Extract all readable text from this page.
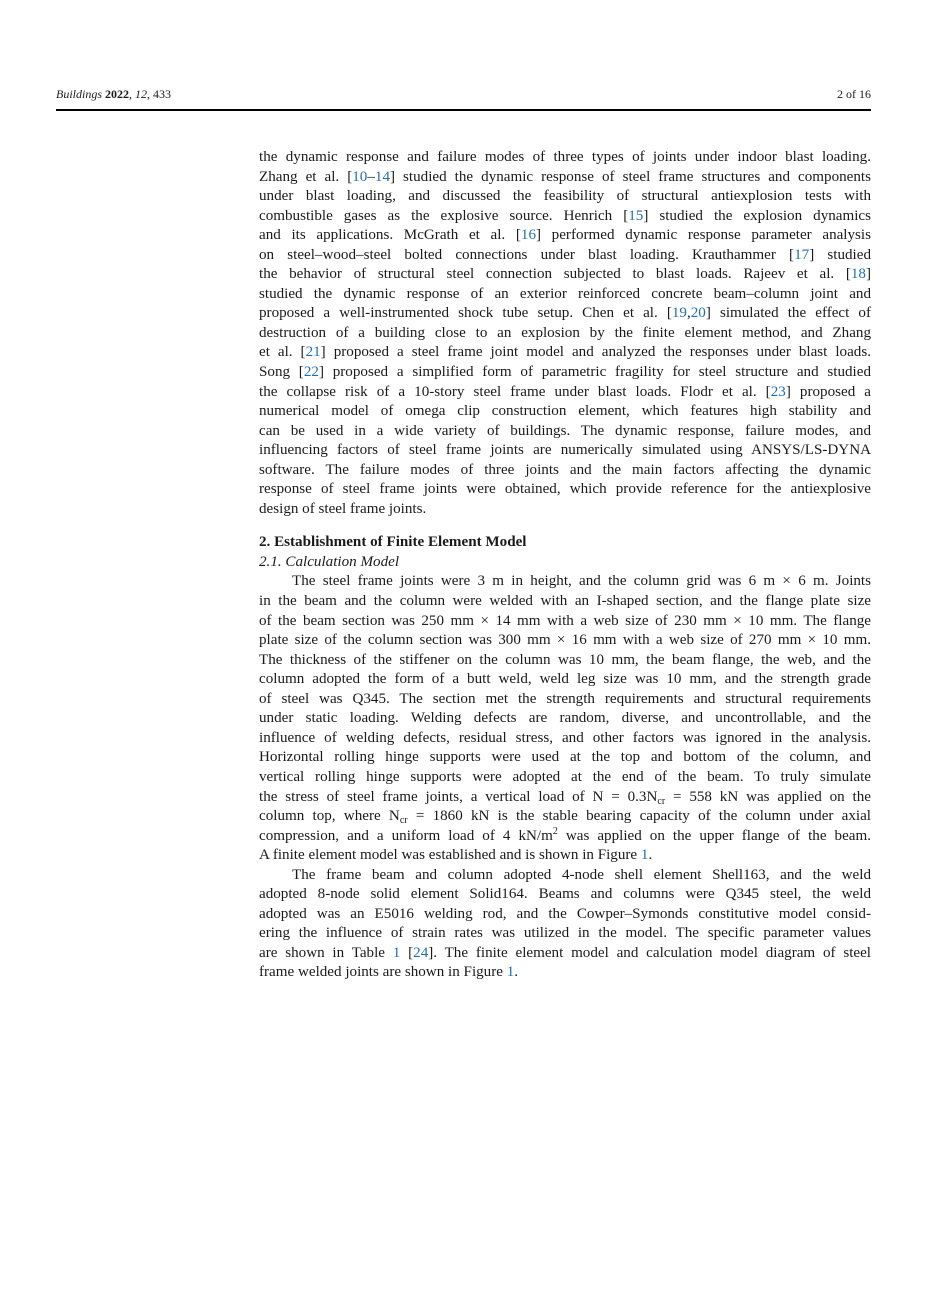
Buildings 2022, 12, 433	2 of 16

the dynamic response and failure modes of three types of joints under indoor blast loading.
Zhang et al. [10–14] studied the dynamic response of steel frame structures and components
under blast loading, and discussed the feasibility of structural antiexplosion tests with
combustible gases as the explosive source. Henrich [15] studied the explosion dynamics
and its applications. McGrath et al. [16] performed dynamic response parameter analysis
on steel–wood–steel bolted connections under blast loading. Krauthammer [17] studied
the behavior of structural steel connection subjected to blast loads. Rajeev et al. [18]
studied the dynamic response of an exterior reinforced concrete beam–column joint and
proposed a well-instrumented shock tube setup. Chen et al. [19,20] simulated the effect of
destruction of a building close to an explosion by the finite element method, and Zhang
et al. [21] proposed a steel frame joint model and analyzed the responses under blast loads.
Song [22] proposed a simplified form of parametric fragility for steel structure and studied
the collapse risk of a 10-story steel frame under blast loads. Flodr et al. [23] proposed a
numerical model of omega clip construction element, which features high stability and
can be used in a wide variety of buildings. The dynamic response, failure modes, and
influencing factors of steel frame joints are numerically simulated using ANSYS/LS-DYNA
software. The failure modes of three joints and the main factors affecting the dynamic
response of steel frame joints were obtained, which provide reference for the antiexplosive
design of steel frame joints.

2. Establishment of Finite Element Model
2.1. Calculation Model

The steel frame joints were 3 m in height, and the column grid was 6 m × 6 m. Joints
in the beam and the column were welded with an I-shaped section, and the flange plate size
of the beam section was 250 mm × 14 mm with a web size of 230 mm × 10 mm. The flange
plate size of the column section was 300 mm × 16 mm with a web size of 270 mm × 10 mm.
The thickness of the stiffener on the column was 10 mm, the beam flange, the web, and the
column adopted the form of a butt weld, weld leg size was 10 mm, and the strength grade
of steel was Q345. The section met the strength requirements and structural requirements
under static loading. Welding defects are random, diverse, and uncontrollable, and the
influence of welding defects, residual stress, and other factors was ignored in the analysis.
Horizontal rolling hinge supports were used at the top and bottom of the column, and
vertical rolling hinge supports were adopted at the end of the beam. To truly simulate
the stress of steel frame joints, a vertical load of $N = 0.3N_{cr} = 558$ kN was applied on the
column top, where $N_{cr} = 1860$ kN is the stable bearing capacity of the column under axial
compression, and a uniform load of 4 $kN/m^2$ was applied on the upper flange of the beam.
A finite element model was established and is shown in Figure 1.

The frame beam and column adopted 4-node shell element Shell163, and the weld
adopted 8-node solid element Solid164. Beams and columns were Q345 steel, the weld
adopted was an E5016 welding rod, and the Cowper–Symonds constitutive model consid-
ering the influence of strain rates was utilized in the model. The specific parameter values
are shown in Table 1 [24]. The finite element model and calculation model diagram of steel
frame welded joints are shown in Figure 1.
